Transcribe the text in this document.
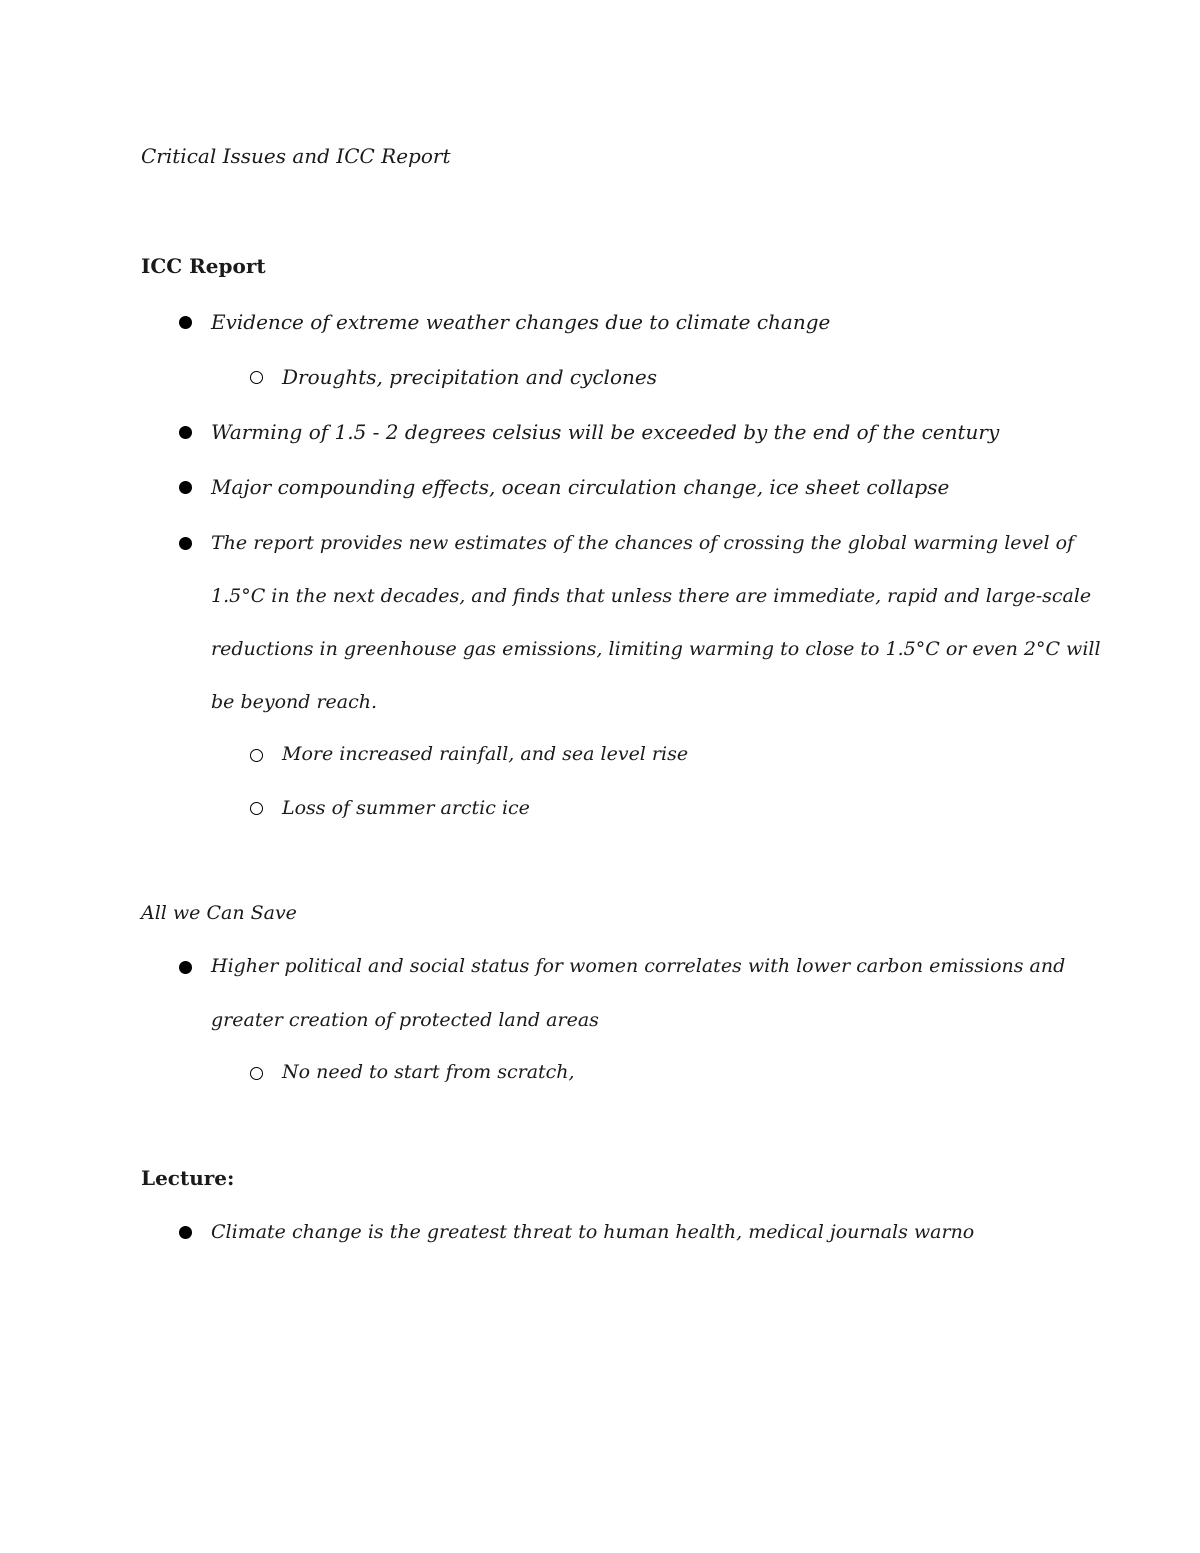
Critical Issues and ICC Report
ICC Report
Evidence of extreme weather changes due to climate change
Droughts, precipitation and cyclones
Warming of 1.5 - 2 degrees celsius will be exceeded by the end of the century
Major compounding effects, ocean circulation change, ice sheet collapse
The report provides new estimates of the chances of crossing the global warming level of
1.5°C in the next decades, and finds that unless there are immediate, rapid and large-scale
reductions in greenhouse gas emissions, limiting warming to close to 1.5°C or even 2°C will
be beyond reach.
More increased rainfall, and sea level rise
Loss of summer arctic ice
All we Can Save
Higher political and social status for women correlates with lower carbon emissions and
greater creation of protected land areas
No need to start from scratch,
Lecture:
Climate change is the greatest threat to human health, medical journals warno
